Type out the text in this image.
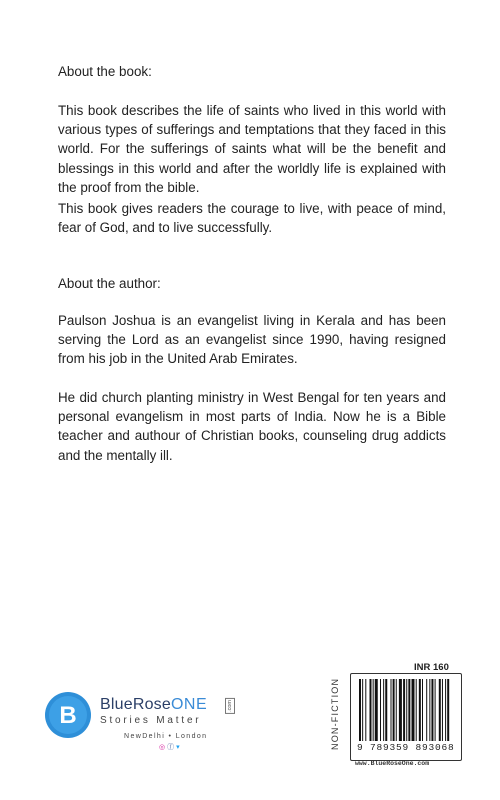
About the book:

This book describes the life of saints who lived in this world with various types of sufferings and temptations that they faced in this world. For the sufferings of saints what will be the benefit and blessings in this world and after the worldly life is explained with the proof from the bible.

This book gives readers the courage to live, with peace of mind, fear of God, and to live successfully.

About the author:

Paulson Joshua is an evangelist living in Kerala and has been serving the Lord as an evangelist since 1990, having resigned from his job in the United Arab Emirates.

He did church planting ministry in West Bengal for ten years and personal evangelism in most parts of India. Now he is a Bible teacher and authour of Christian books, counseling drug addicts and the mentally ill.

B BlueRoseONE
Stories Matter
.com
NewDelhi • London
◎ ⓕ ▾
INR 160
NON-FICTION	9 789359 893068
www.BlueRoseOne.com
